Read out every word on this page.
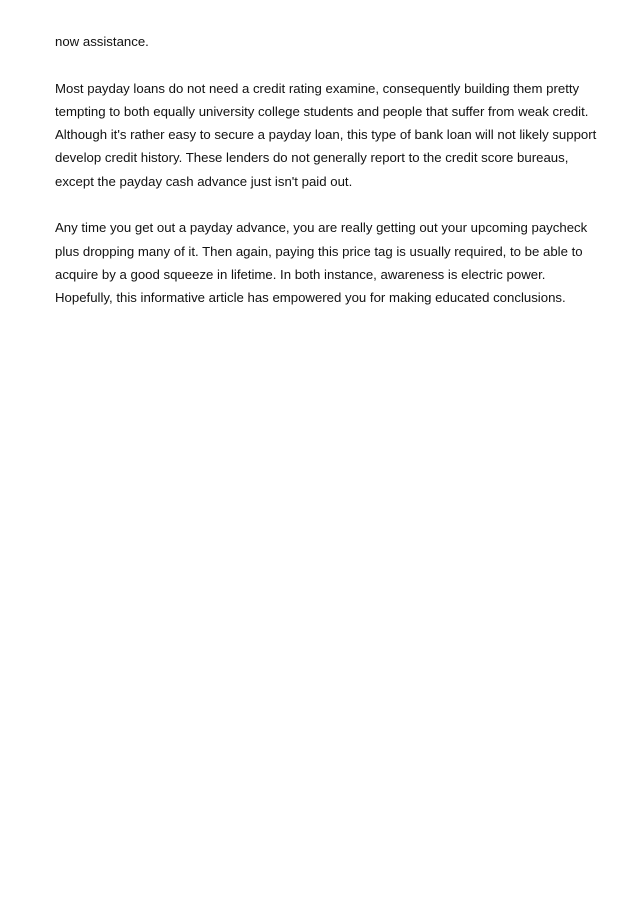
now assistance.

Most payday loans do not need a credit rating examine, consequently building them pretty
tempting to both equally university college students and people that suffer from weak credit.
Although it's rather easy to secure a payday loan, this type of bank loan will not likely support
develop credit history. These lenders do not generally report to the credit score bureaus,
except the payday cash advance just isn't paid out.

Any time you get out a payday advance, you are really getting out your upcoming paycheck
plus dropping many of it. Then again, paying this price tag is usually required, to be able to
acquire by a good squeeze in lifetime. In both instance, awareness is electric power.
Hopefully, this informative article has empowered you for making educated conclusions.
